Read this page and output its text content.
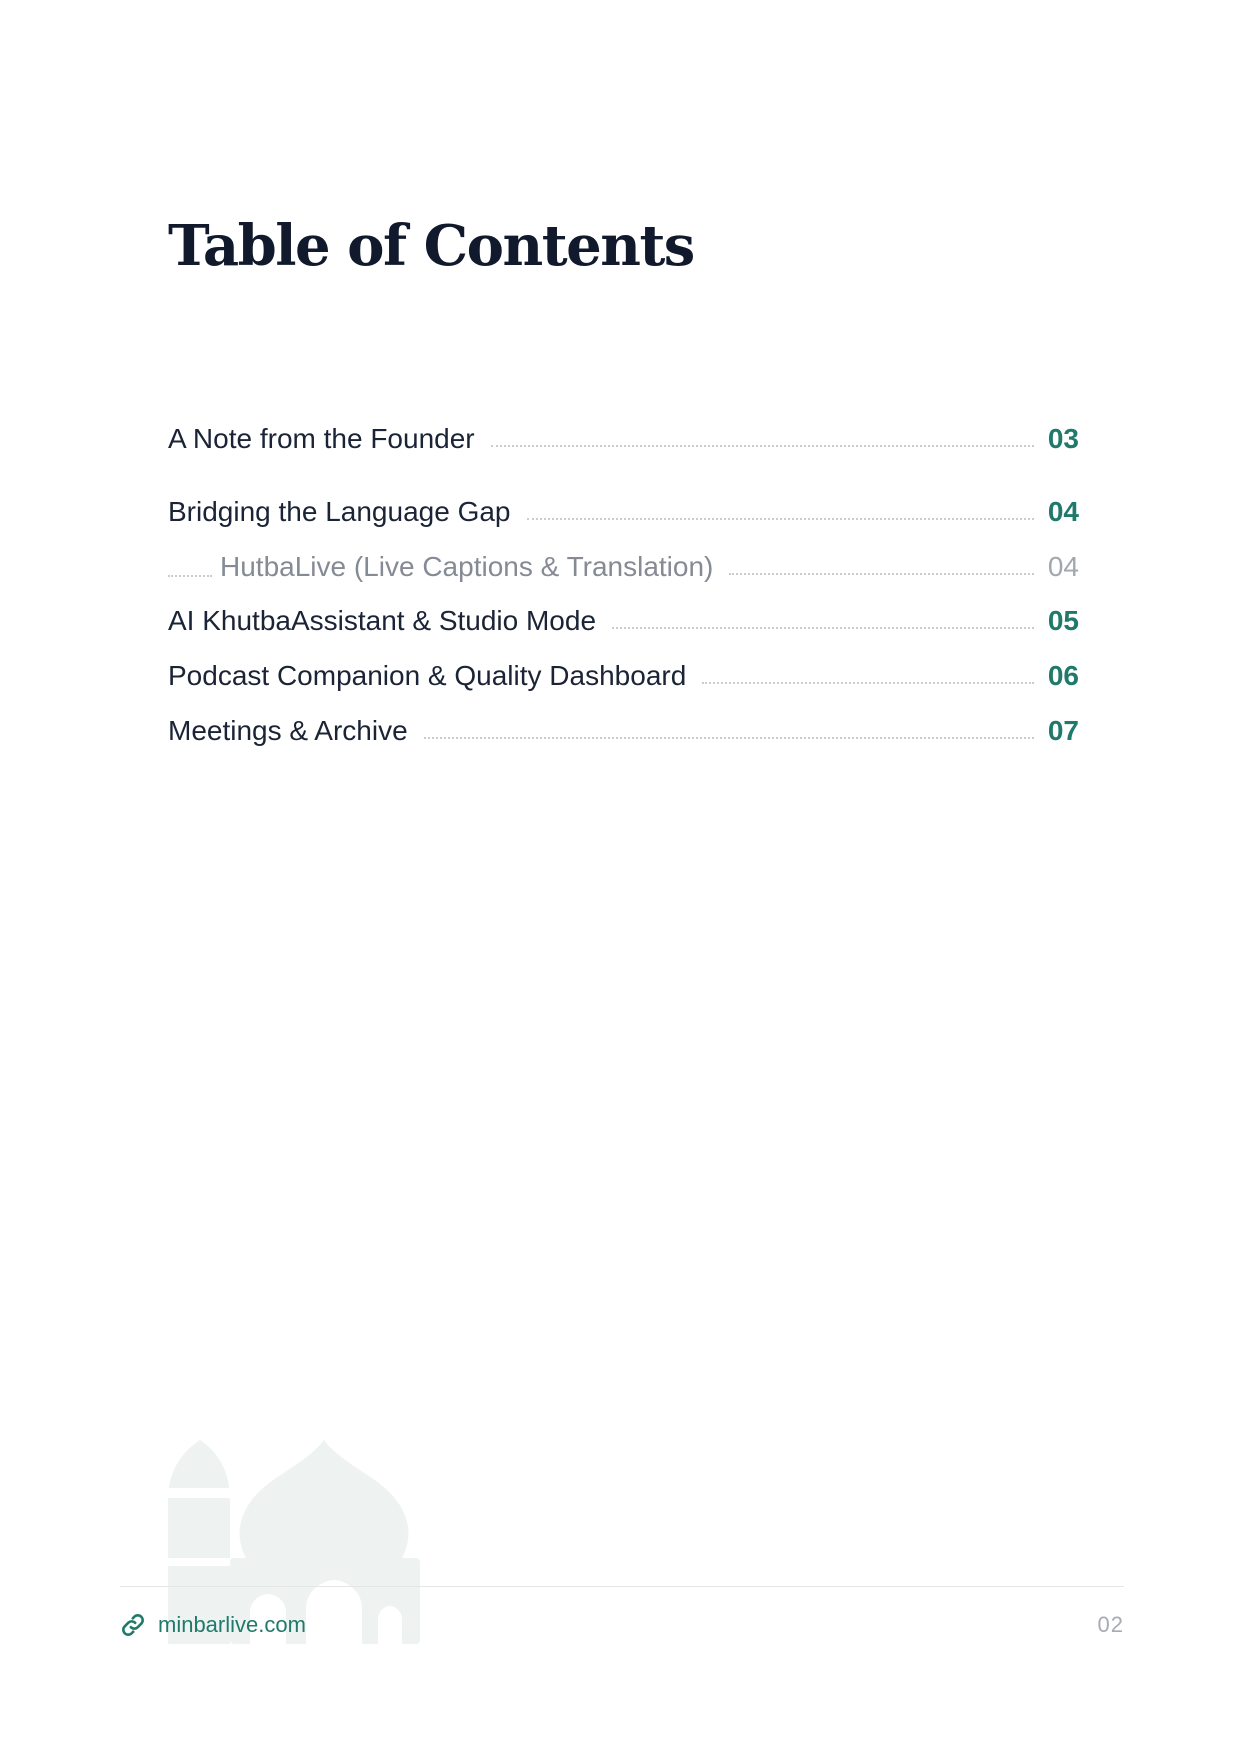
Table of Contents
A Note from the Founder	03
Bridging the Language Gap	04
HutbaLive (Live Captions & Translation)	04
AI KhutbaAssistant & Studio Mode	05
Podcast Companion & Quality Dashboard	06
Meetings & Archive	07
minbarlive.com	02
